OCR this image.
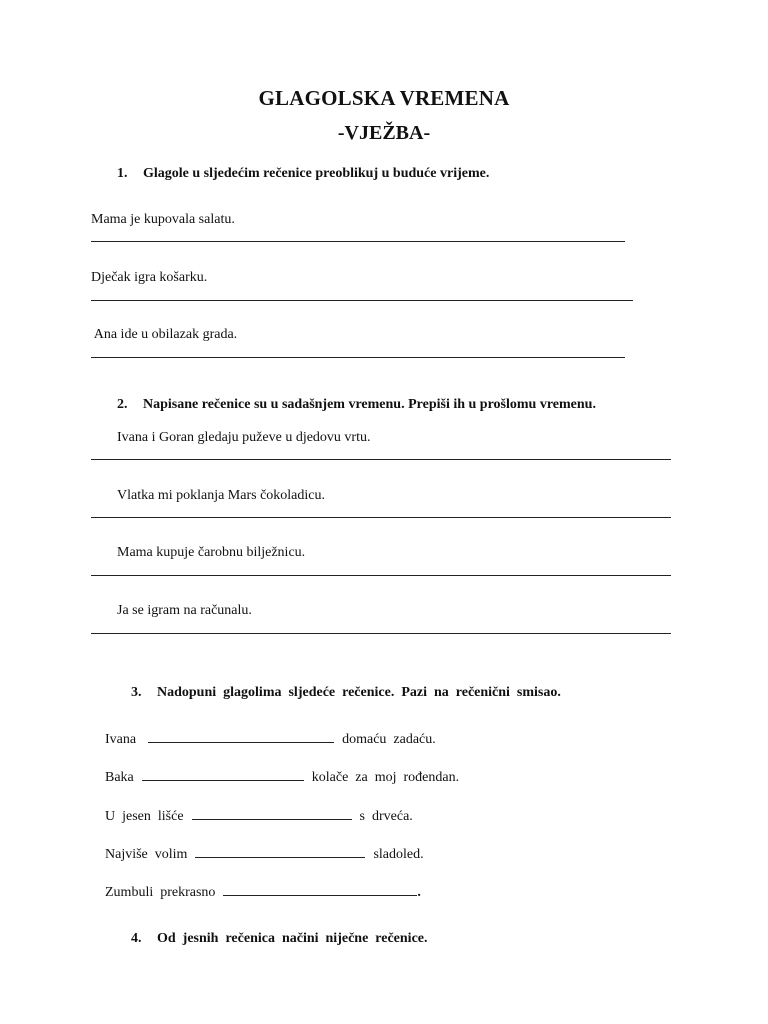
GLAGOLSKA VREMENA
-VJEŽBA-
1. Glagole u sljedećim rečenice preoblikuj u buduće vrijeme.
Mama je kupovala salatu.
Dječak igra košarku.
Ana ide u obilazak grada.
2. Napisane rečenice su u sadašnjem vremenu. Prepiši ih u prošlomu vremenu.
Ivana i Goran gledaju puževe u djedovu vrtu.
Vlatka mi poklanja Mars čokoladicu.
Mama kupuje čarobnu bilježnicu.
Ja se igram na računalu.

3. Nadopuni  glagolima  sljedeće  rečenice.  Pazi  na  rečenični  smisao.

Ivana	domaću  zadaću.

Baka	kolače  za  moj  rođendan.

U  jesen  lišće	s  drveća.

Najviše  volim	sladoled.

Zumbuli  prekrasno	.

4. Od  jesnih  rečenica  načini  niječne  rečenice.
